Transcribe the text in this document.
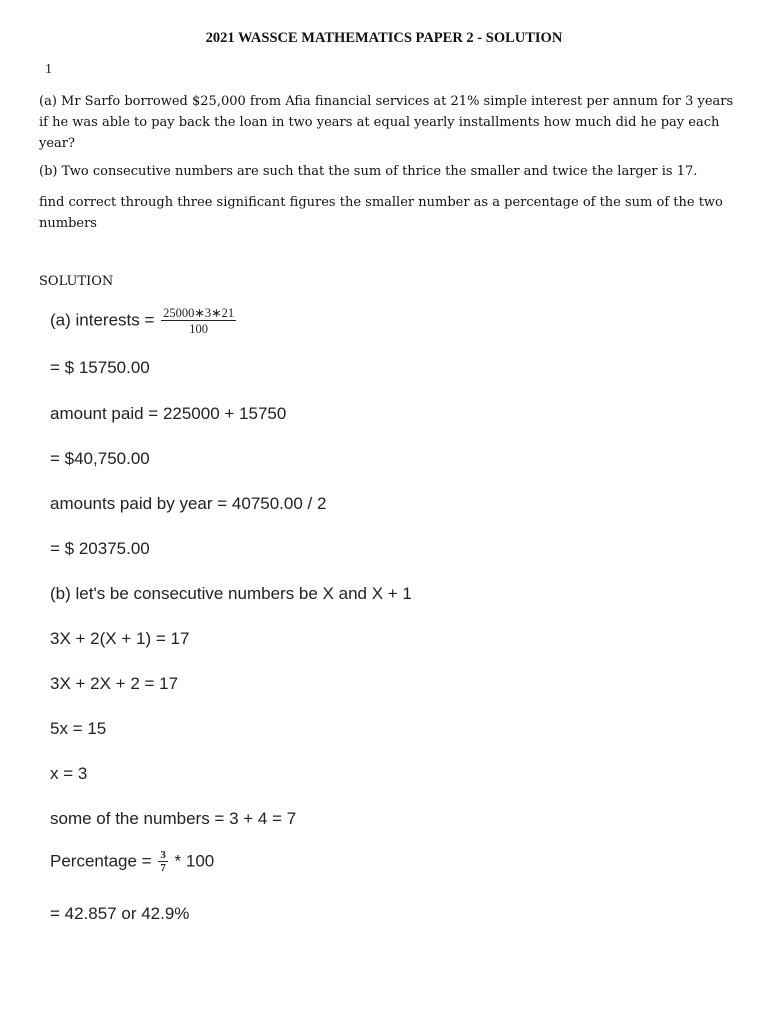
2021 WASSCE MATHEMATICS PAPER 2 - SOLUTION
1
(a) Mr Sarfo borrowed $25,000 from Afia financial services at 21% simple interest per annum for 3 years if he was able to pay back the loan in two years at equal yearly installments how much did he pay each year?
(b) Two consecutive numbers are such that the sum of thrice the smaller and twice the larger is 17.
find correct through three significant figures the smaller number as a percentage of the sum of the two numbers
SOLUTION
(a) interests = $\frac{25000∗3∗21}{100}$
= $ 15750.00
amount paid = 225000 + 15750
= $40,750.00
amounts paid by year = 40750.00 / 2
= $ 20375.00
(b) let's be consecutive numbers be X and X + 1
3X + 2(X + 1) = 17
3X + 2X + 2 = 17
5x = 15
x = 3
some of the numbers = 3 + 4 = 7
Percentage = $\frac{3}{7} * 100$
= 42.857 or 42.9%
